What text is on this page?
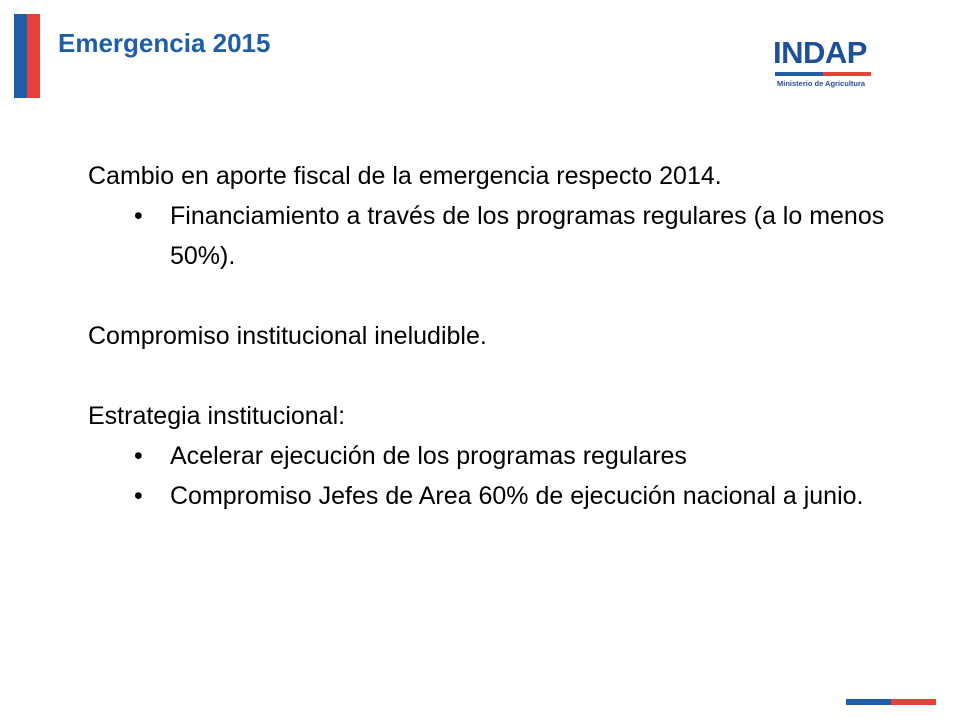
Emergencia 2015	INDAP
Ministerio de Agricultura

Cambio en aporte fiscal de la emergencia respecto 2014.

• Financiamiento a través de los programas regulares (a lo menos 50%).

Compromiso institucional ineludible.

Estrategia institucional:

• Acelerar ejecución de los programas regulares
• Compromiso Jefes de Area 60% de ejecución nacional a junio.
